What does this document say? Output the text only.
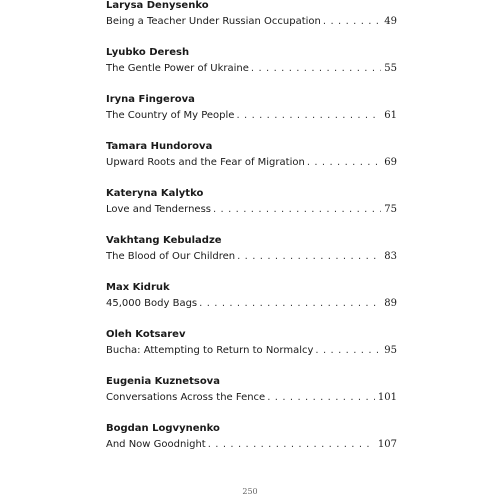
Larysa Denysenko
Being a Teacher Under Russian Occupation . . .	49
Lyubko Deresh
The Gentle Power of Ukraine . . .	55
Iryna Fingerova
The Country of My People . . .	61
Tamara Hundorova
Upward Roots and the Fear of Migration . . .	69
Kateryna Kalytko
Love and Tenderness . . .	75
Vakhtang Kebuladze
The Blood of Our Children . . .	83
Max Kidruk
45,000 Body Bags . . .	89
Oleh Kotsarev
Bucha: Attempting to Return to Normalcy . . .	95
Eugenia Kuznetsova
Conversations Across the Fence . . .	101
Bogdan Logvynenko
And Now Goodnight . . .	107
250
